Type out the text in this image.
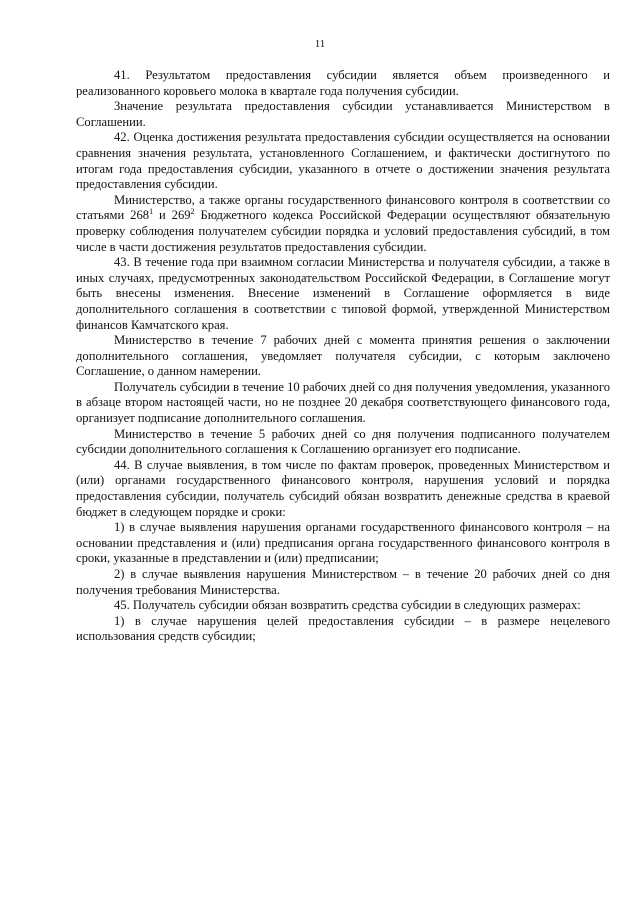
11

41. Результатом предоставления субсидии является объем произведенного и реализованного коровьего молока в квартале года получения субсидии.

Значение результата предоставления субсидии устанавливается Министерством в Соглашении.

42. Оценка достижения результата предоставления субсидии осуществляется на основании сравнения значения результата, установленного Соглашением, и фактически достигнутого по итогам года предоставления субсидии, указанного в отчете о достижении значения результата предоставления субсидии.

Министерство, а также органы государственного финансового контроля в соответствии со статьями $268^1$ и $269^2$ Бюджетного кодекса Российской Федерации осуществляют обязательную проверку соблюдения получателем субсидии порядка и условий предоставления субсидий, в том числе в части достижения результатов предоставления субсидии.

43. В течение года при взаимном согласии Министерства и получателя субсидии, а также в иных случаях, предусмотренных законодательством Российской Федерации, в Соглашение могут быть внесены изменения. Внесение изменений в Соглашение оформляется в виде дополнительного соглашения в соответствии с типовой формой, утвержденной Министерством финансов Камчатского края.

Министерство в течение 7 рабочих дней с момента принятия решения о заключении дополнительного соглашения, уведомляет получателя субсидии, с которым заключено Соглашение, о данном намерении.

Получатель субсидии в течение 10 рабочих дней со дня получения уведомления, указанного в абзаце втором настоящей части, но не позднее 20 декабря соответствующего финансового года, организует подписание дополнительного соглашения.

Министерство в течение 5 рабочих дней со дня получения подписанного получателем субсидии дополнительного соглашения к Соглашению организует его подписание.

44. В случае выявления, в том числе по фактам проверок, проведенных Министерством и (или) органами государственного финансового контроля, нарушения условий и порядка предоставления субсидии, получатель субсидий обязан возвратить денежные средства в краевой бюджет в следующем порядке и сроки:

1) в случае выявления нарушения органами государственного финансового контроля – на основании представления и (или) предписания органа государственного финансового контроля в сроки, указанные в представлении и (или) предписании;

2) в случае выявления нарушения Министерством – в течение 20 рабочих дней со дня получения требования Министерства.

45. Получатель субсидии обязан возвратить средства субсидии в следующих размерах:

1) в случае нарушения целей предоставления субсидии – в размере нецелевого использования средств субсидии;
